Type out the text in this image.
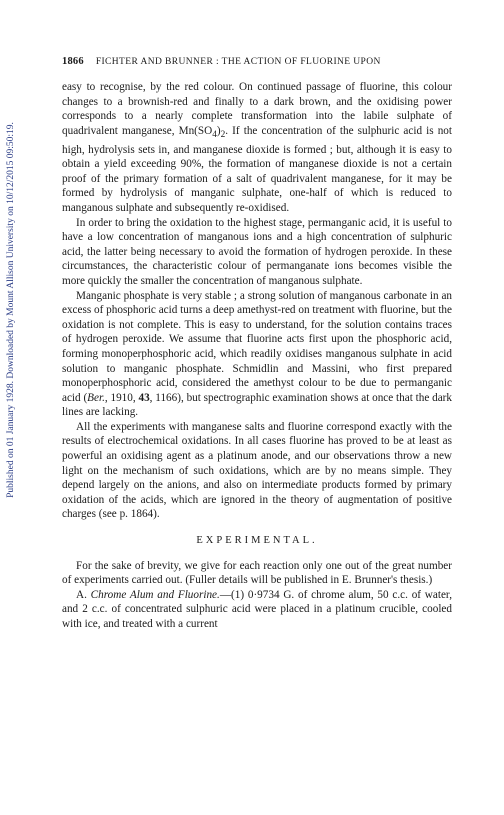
Published on 01 January 1928. Downloaded by Mount Allison University on 10/12/2015 09:50:19.
1866 FICHTER AND BRUNNER : THE ACTION OF FLUORINE UPON

easy to recognise, by the red colour. On continued passage of fluorine, this colour changes to a brownish-red and finally to a dark brown, and the oxidising power corresponds to a nearly complete transformation into the labile sulphate of quadrivalent manganese, $Mn(SO_4)_2$. If the concentration of the sulphuric acid is not high, hydrolysis sets in, and manganese dioxide is formed ; but, although it is easy to obtain a yield exceeding 90%, the formation of manganese dioxide is not a certain proof of the primary formation of a salt of quadrivalent manganese, for it may be formed by hydrolysis of manganic sulphate, one-half of which is reduced to manganous sulphate and subsequently re-oxidised.

In order to bring the oxidation to the highest stage, permanganic acid, it is useful to have a low concentration of manganous ions and a high concentration of sulphuric acid, the latter being necessary to avoid the formation of hydrogen peroxide. In these circumstances, the characteristic colour of permanganate ions becomes visible the more quickly the smaller the concentration of manganous sulphate.

Manganic phosphate is very stable ; a strong solution of manganous carbonate in an excess of phosphoric acid turns a deep amethyst-red on treatment with fluorine, but the oxidation is not complete. This is easy to understand, for the solution contains traces of hydrogen peroxide. We assume that fluorine acts first upon the phosphoric acid, forming monoperphosphoric acid, which readily oxidises manganous sulphate in acid solution to manganic phosphate. Schmidlin and Massini, who first prepared monoperphosphoric acid, considered the amethyst colour to be due to permanganic acid (Ber., 1910, 43, 1166), but spectrographic examination shows at once that the dark lines are lacking.

All the experiments with manganese salts and fluorine correspond exactly with the results of electrochemical oxidations. In all cases fluorine has proved to be at least as powerful an oxidising agent as a platinum anode, and our observations throw a new light on the mechanism of such oxidations, which are by no means simple. They depend largely on the anions, and also on intermediate products formed by primary oxidation of the acids, which are ignored in the theory of augmentation of positive charges (see p. 1864).

EXPERIMENTAL.

For the sake of brevity, we give for each reaction only one out of the great number of experiments carried out. (Fuller details will be published in E. Brunner's thesis.)

A. Chrome Alum and Fluorine.—(1) 0·9734 G. of chrome alum, 50 c.c. of water, and 2 c.c. of concentrated sulphuric acid were placed in a platinum crucible, cooled with ice, and treated with a current
